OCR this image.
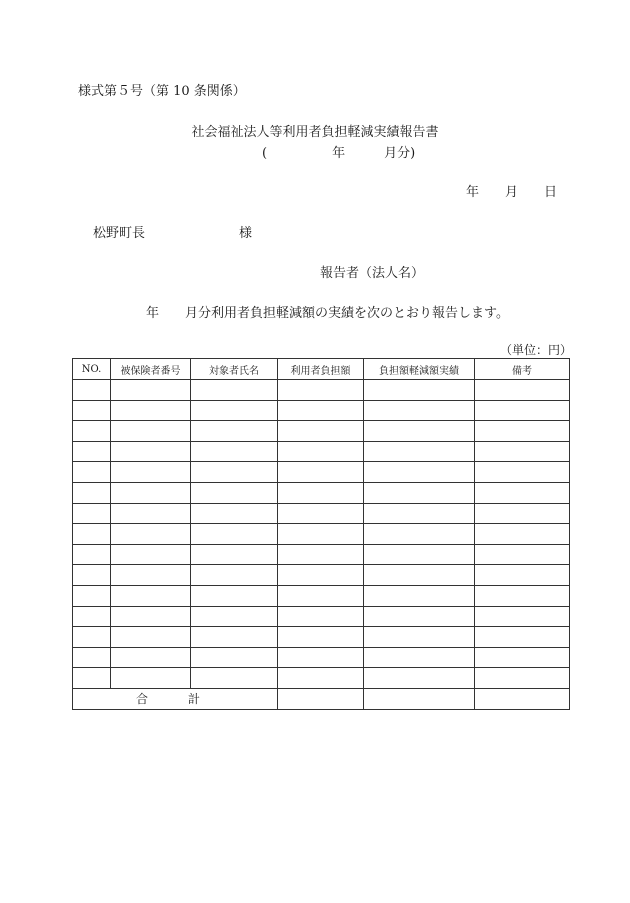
様式第５号（第 10 条関係）
社会福祉法人等利用者負担軽減実績報告書
(　　　　　年　　　月分)
年　　月　　日
松野町長	様
報告者（法人名）
年　　月分利用者負担軽減額の実績を次のとおり報告します。
（単位：円）
NO.	被保険者番号	対象者氏名	利用者負担額	負担額軽減額実績	備考

合　計					
